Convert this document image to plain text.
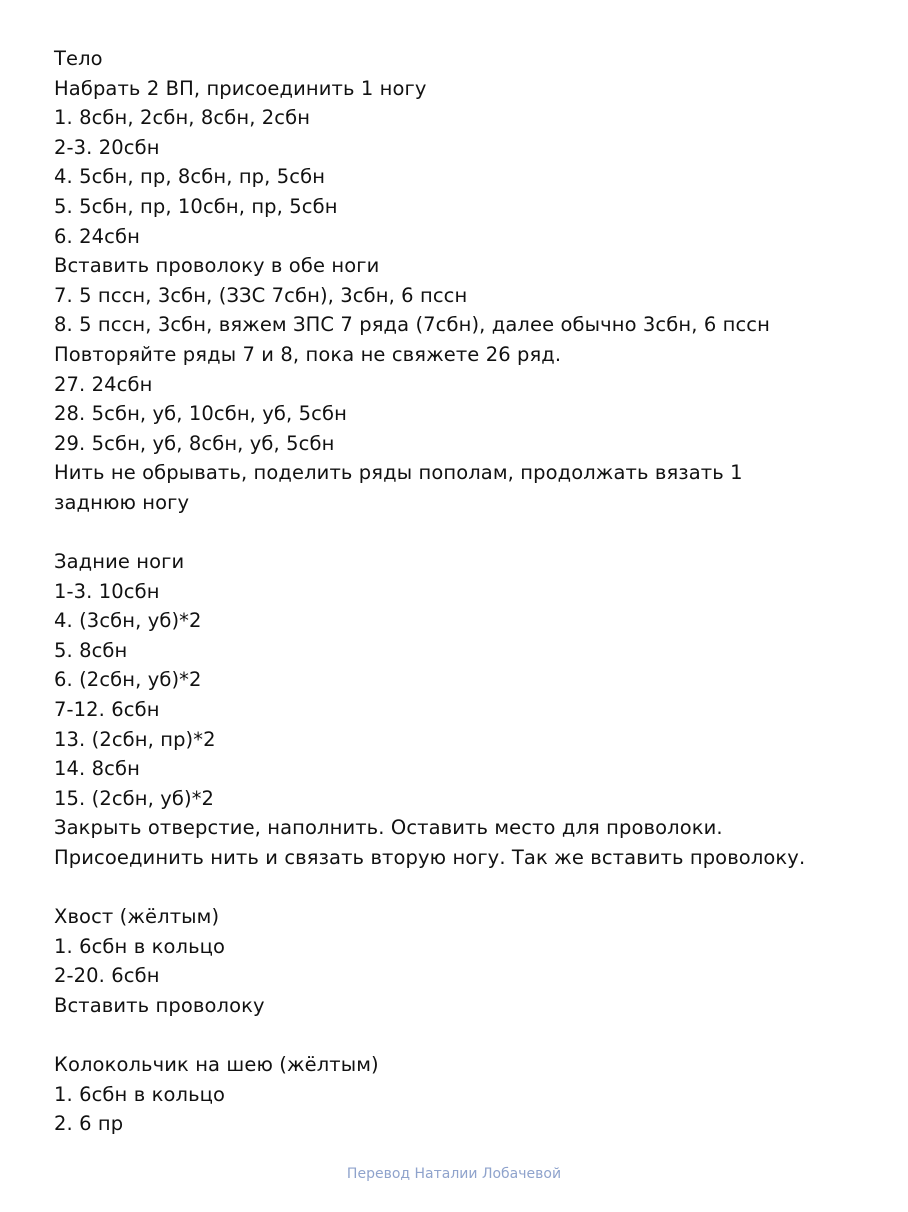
Тело

Набрать 2 ВП, присоединить 1 ногу

1. 8сбн, 2сбн, 8сбн, 2сбн

2-3. 20сбн

4. 5сбн, пр, 8сбн, пр, 5сбн

5. 5сбн, пр, 10сбн, пр, 5сбн

6. 24сбн

Вставить проволоку в обе ноги

7. 5 пссн, 3сбн, (ЗЗС 7сбн), 3сбн, 6 пссн

8. 5 пссн, 3сбн, вяжем ЗПС 7 ряда (7сбн), далее обычно 3сбн, 6 пссн

Повторяйте ряды 7 и 8, пока не свяжете 26 ряд.

27. 24сбн

28. 5сбн, уб, 10сбн, уб, 5сбн

29. 5сбн, уб, 8сбн, уб, 5сбн

Нить не обрывать, поделить ряды пополам, продолжать вязать 1 заднюю ногу

Задние ноги

1-3. 10сбн

4. (3сбн, уб)*2

5. 8сбн

6. (2сбн, уб)*2

7-12. 6сбн

13. (2сбн, пр)*2

14. 8сбн

15. (2сбн, уб)*2

Закрыть отверстие, наполнить. Оставить место для проволоки.

Присоединить нить и связать вторую ногу. Так же вставить проволоку.

Хвост (жёлтым)

1. 6сбн в кольцо

2-20. 6сбн

Вставить проволоку

Колокольчик на шею (жёлтым)

1. 6сбн в кольцо

2. 6 пр

Перевод Наталии Лобачевой
